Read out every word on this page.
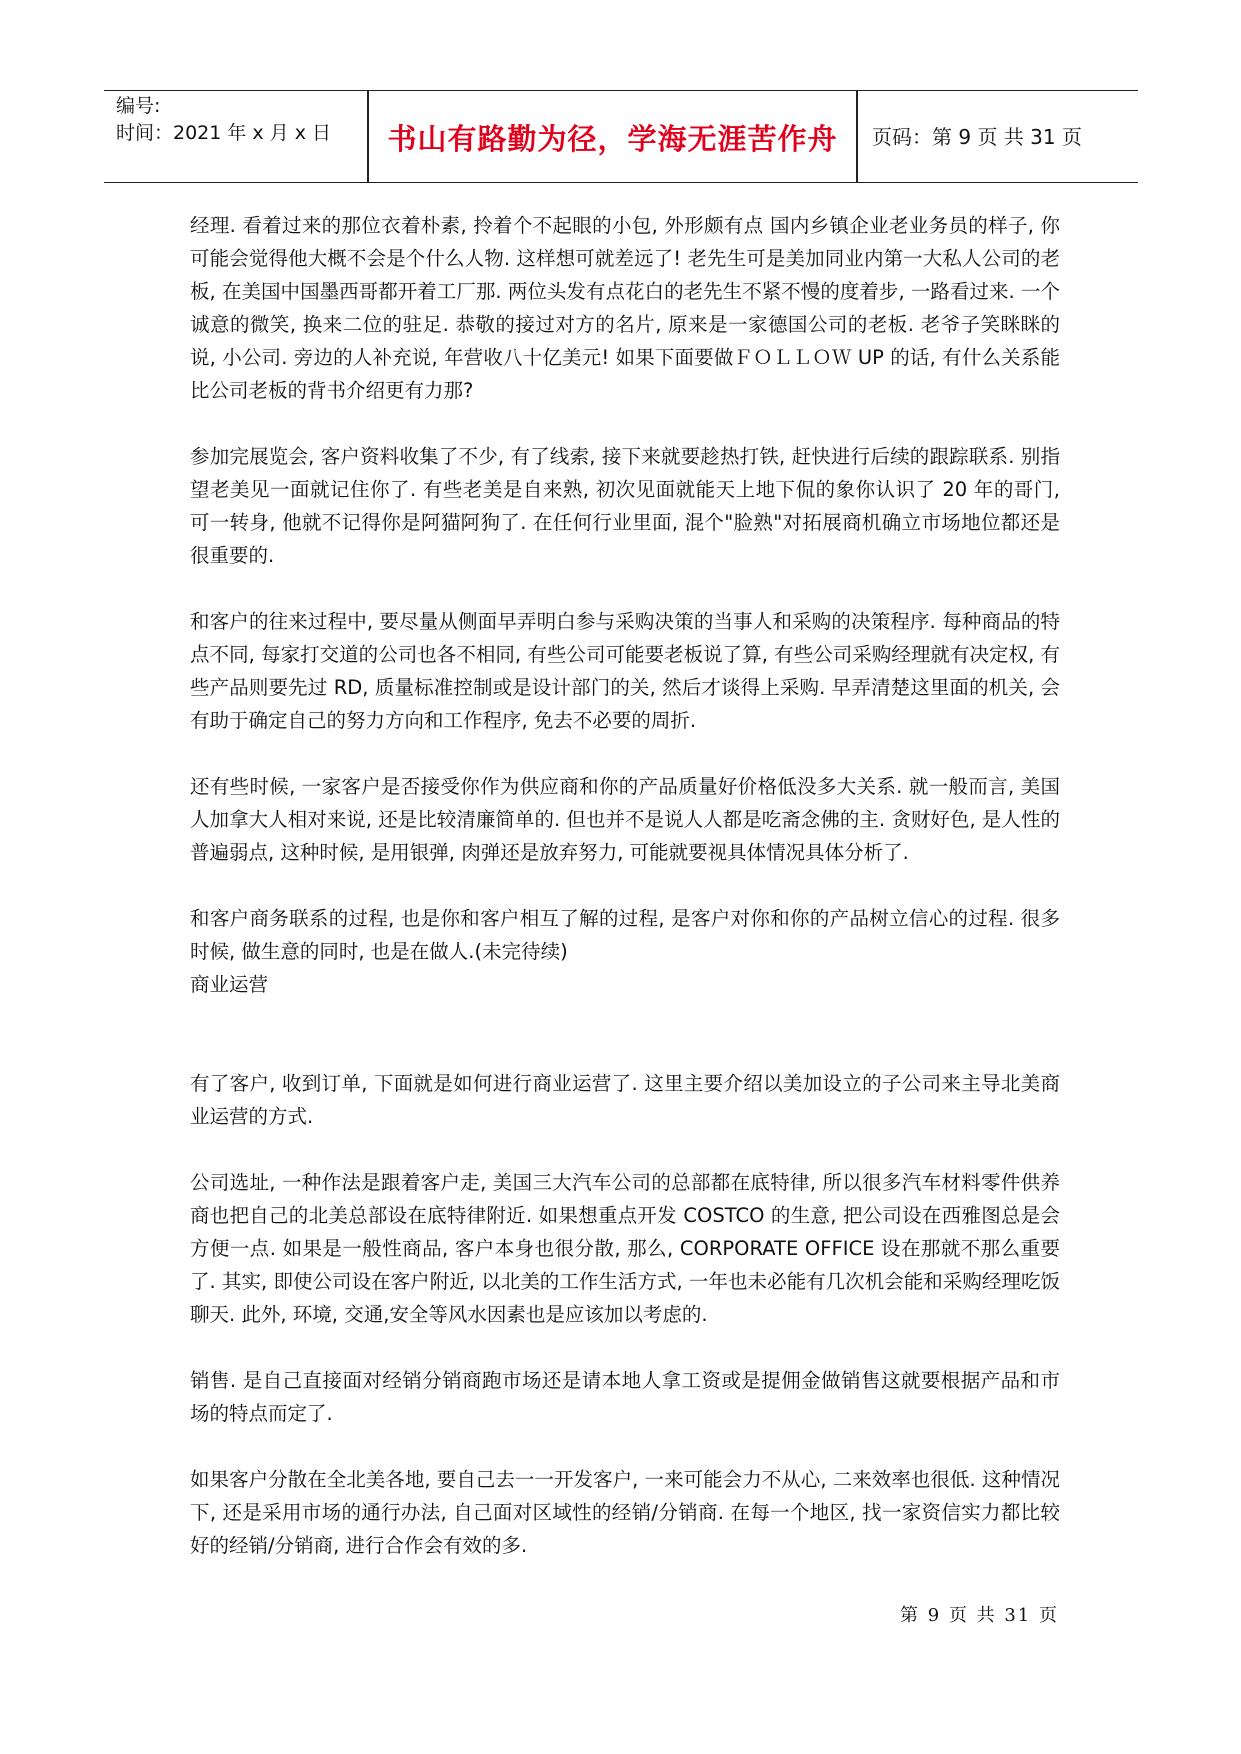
编号:
时间：2021 年 x 月 x 日	书山有路勤为径，学海无涯苦作舟	页码：第 9 页 共 31 页

经理. 看着过来的那位衣着朴素, 拎着个不起眼的小包, 外形颇有点 国内乡镇企业老业务员的样子, 你可能会觉得他大概不会是个什么人物. 这样想可就差远了! 老先生可是美加同业内第一大私人公司的老板, 在美国中国墨西哥都开着工厂那. 两位头发有点花白的老先生不紧不慢的度着步, 一路看过来. 一个诚意的微笑, 换来二位的驻足. 恭敬的接过对方的名片, 原来是一家德国公司的老板. 老爷子笑眯眯的说, 小公司. 旁边的人补充说, 年营收八十亿美元! 如果下面要做ＦＯＬＬＯＷ UP 的话, 有什么关系能比公司老板的背书介绍更有力那?

参加完展览会, 客户资料收集了不少, 有了线索, 接下来就要趁热打铁, 赶快进行后续的跟踪联系. 别指望老美见一面就记住你了. 有些老美是自来熟, 初次见面就能天上地下侃的象你认识了 20 年的哥门, 可一转身, 他就不记得你是阿猫阿狗了. 在任何行业里面, 混个"脸熟"对拓展商机确立市场地位都还是很重要的.

和客户的往来过程中, 要尽量从侧面早弄明白参与采购决策的当事人和采购的决策程序. 每种商品的特点不同, 每家打交道的公司也各不相同, 有些公司可能要老板说了算, 有些公司采购经理就有决定权, 有些产品则要先过 RD, 质量标准控制或是设计部门的关, 然后才谈得上采购. 早弄清楚这里面的机关, 会有助于确定自己的努力方向和工作程序, 免去不必要的周折.

还有些时候, 一家客户是否接受你作为供应商和你的产品质量好价格低没多大关系. 就一般而言, 美国人加拿大人相对来说, 还是比较清廉简单的. 但也并不是说人人都是吃斋念佛的主. 贪财好色, 是人性的普遍弱点, 这种时候, 是用银弹, 肉弹还是放弃努力, 可能就要视具体情况具体分析了.

和客户商务联系的过程, 也是你和客户相互了解的过程, 是客户对你和你的产品树立信心的过程. 很多时候, 做生意的同时, 也是在做人.(未完待续)

商业运营

有了客户, 收到订单, 下面就是如何进行商业运营了. 这里主要介绍以美加设立的子公司来主导北美商业运营的方式.

公司选址, 一种作法是跟着客户走, 美国三大汽车公司的总部都在底特律, 所以很多汽车材料零件供养商也把自己的北美总部设在底特律附近. 如果想重点开发 COSTCO 的生意, 把公司设在西雅图总是会方便一点. 如果是一般性商品, 客户本身也很分散, 那么, CORPORATE OFFICE 设在那就不那么重要了. 其实, 即使公司设在客户附近, 以北美的工作生活方式, 一年也未必能有几次机会能和采购经理吃饭聊天. 此外, 环境, 交通,安全等风水因素也是应该加以考虑的.

销售. 是自己直接面对经销分销商跑市场还是请本地人拿工资或是提佣金做销售这就要根据产品和市场的特点而定了.

如果客户分散在全北美各地, 要自己去一一开发客户, 一来可能会力不从心, 二来效率也很低. 这种情况下, 还是采用市场的通行办法, 自己面对区域性的经销/分销商. 在每一个地区, 找一家资信实力都比较好的经销/分销商, 进行合作会有效的多.

第 9 页 共 31 页
